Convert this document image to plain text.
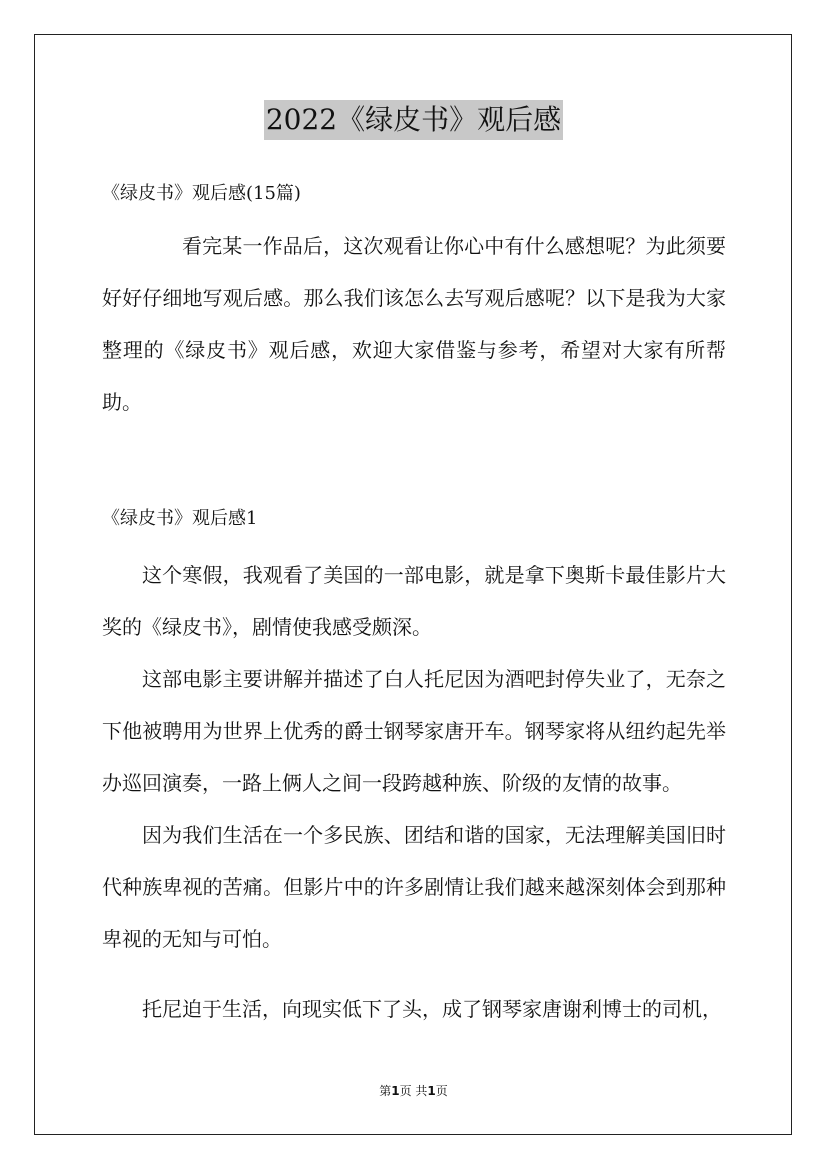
2022《绿皮书》观后感
《绿皮书》观后感(15篇)

看完某一作品后，这次观看让你心中有什么感想呢？为此须要好好仔细地写观后感。那么我们该怎么去写观后感呢？以下是我为大家整理的《绿皮书》观后感，欢迎大家借鉴与参考，希望对大家有所帮助。

《绿皮书》观后感1

这个寒假，我观看了美国的一部电影，就是拿下奥斯卡最佳影片大奖的《绿皮书》，剧情使我感受颇深。

这部电影主要讲解并描述了白人托尼因为酒吧封停失业了，无奈之下他被聘用为世界上优秀的爵士钢琴家唐开车。钢琴家将从纽约起先举办巡回演奏，一路上俩人之间一段跨越种族、阶级的友情的故事。

因为我们生活在一个多民族、团结和谐的国家，无法理解美国旧时代种族卑视的苦痛。但影片中的许多剧情让我们越来越深刻体会到那种卑视的无知与可怕。

托尼迫于生活，向现实低下了头，成了钢琴家唐谢利博士的司机，

第1页 共1页
